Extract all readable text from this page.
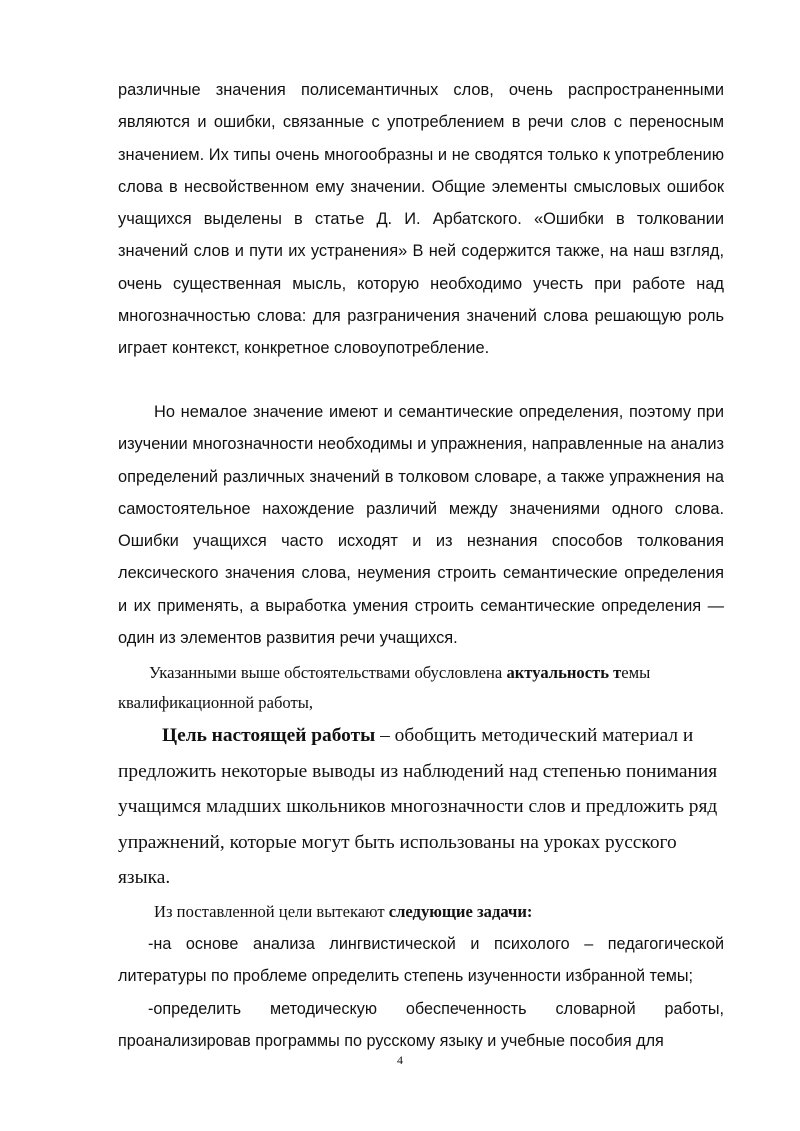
различные значения полисемантичных слов, очень распространенными являются и ошибки, связанные с употреблением в речи слов с переносным значением. Их типы очень многообразны и не сводятся только к употреблению слова в несвойственном ему значении. Общие элементы смысловых ошибок учащихся выделены в статье Д. И. Арбатского. «Ошибки в толковании значений слов и пути их устранения» В ней содержится также, на наш взгляд, очень существенная мысль, которую необходимо учесть при работе над многозначностью слова: для разграничения значений слова решающую роль играет контекст, конкретное словоупотребление.

Но немалое значение имеют и семантические определения, поэтому при изучении многозначности необходимы и упражнения, направленные на анализ определений различных значений в толковом словаре, а также упражнения на самостоятельное нахождение различий между значениями одного слова. Ошибки учащихся часто исходят и из незнания способов толкования лексического значения слова, неумения строить семантические определения и их применять, а выработка умения строить семантические определения — один из элементов развития речи учащихся.

Указанными выше обстоятельствами обусловлена актуальность темы квалификационной работы,

Цель настоящей работы – обобщить методический материал и предложить некоторые выводы из наблюдений над степенью понимания учащимся младших школьников многозначности слов и предложить ряд упражнений, которые могут быть использованы на уроках русского языка.

Из поставленной цели вытекают следующие задачи:

-на основе анализа лингвистической и психолого – педагогической литературы по проблеме определить степень изученности избранной темы;

-определить методическую обеспеченность словарной работы, проанализировав программы по русскому языку и учебные пособия для

4
